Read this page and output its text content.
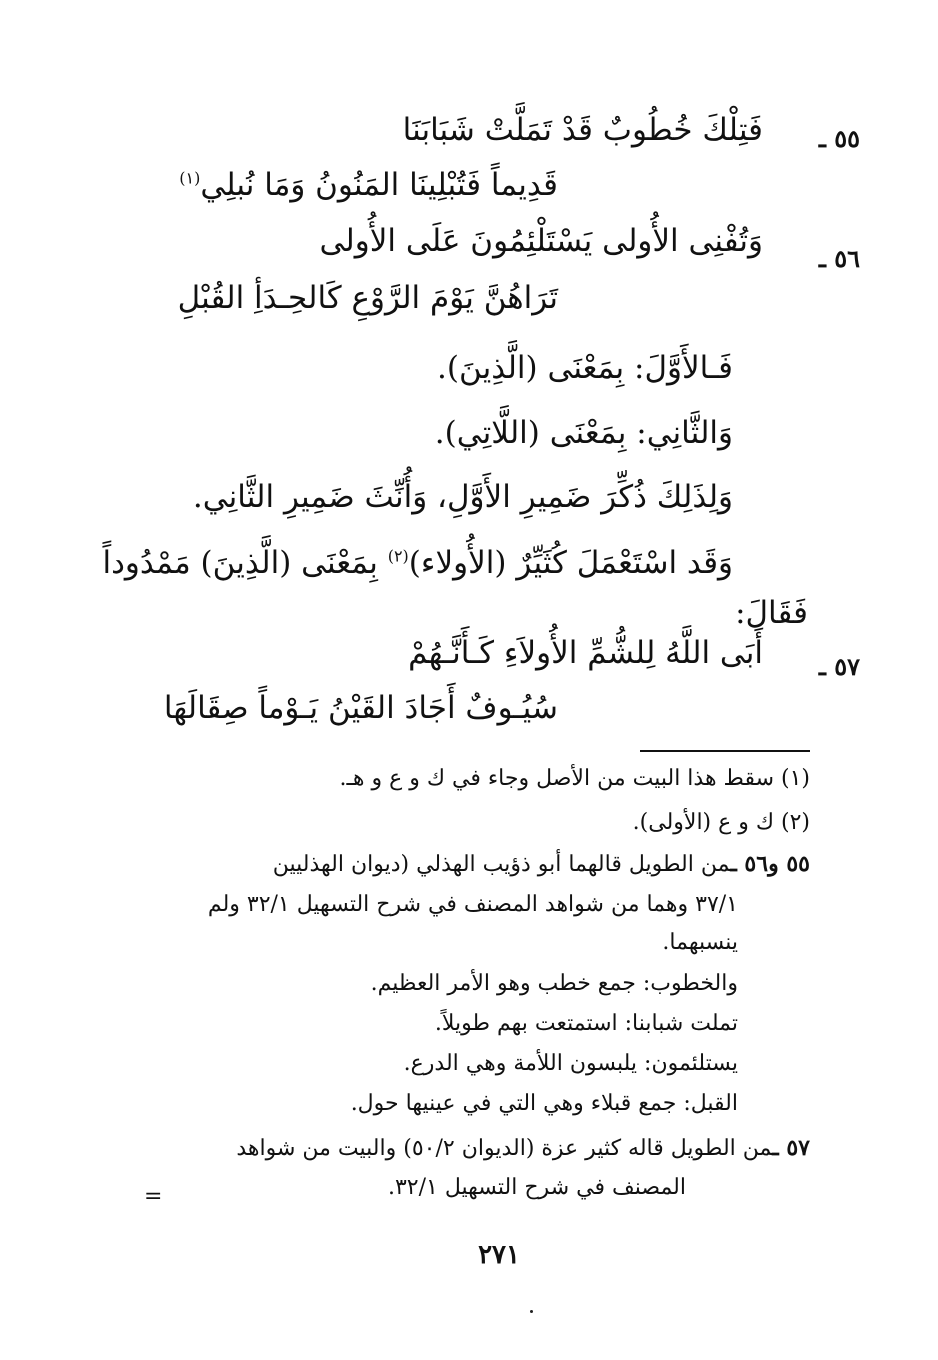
٥٥ ـ
فَتِلْكَ خُطُوبٌ قَدْ تَمَلَّتْ شَبَابَنَا
قَدِيماً فَتُبْلِينَا المَنُونُ وَمَا نُبلِي$^{(١)}$
٥٦ ـ
وَتُفْنِى الأُولى يَسْتَلْئِمُونَ عَلَى الأُولى
تَرَاهُنَّ يَوْمَ الرَّوْعِ كَالحِـدَأِ القُبْلِ
فَـالأَوَّلَ: بِمَعْنَى (الَّذِينَ).
وَالثَّانِي: بِمَعْنَى (اللَّاتِي).
وَلِذَلِكَ ذُكِّرَ ضَمِيرِ الأَوَّلِ، وَأُنِّثَ ضَمِيرِ الثَّانِي.
وَقَد اسْتَعْمَلَ كُثَيِّرٌ (الأُولاء)$^{(٢)}$ بِمَعْنَى (الَّذِينَ) مَمْدُوداً
فَقَالَ:
٥٧ ـ
أَبَى اللَّهُ لِلشُّمِّ الأُولاَءِ كَـأَنَّـهُمْ
سُيُـوفٌ أَجَادَ القَيْنُ يَـوْماً صِقَالَهَا
(١) سقط هذا البيت من الأصل وجاء في ك و ع و هـ.
(٢) ك و ع (الأولى).
٥٥ و٥٦ ـمن الطويل قالهما أبو ذؤيب الهذلي (ديوان الهذليين
٣٧/١ وهما من شواهد المصنف في شرح التسهيل ٣٢/١ ولم
ينسبهما.
والخطوب: جمع خطب وهو الأمر العظيم.
تملت شبابنا: استمتعت بهم طويلاً.
يستلئمون: يلبسون اللأمة وهي الدرع.
القبل: جمع قبلاء وهي التي في عينيها حول.
٥٧ ـمن الطويل قاله كثير عزة (الديوان ٥٠/٢) والبيت من شواهد
المصنف في شرح التسهيل ٣٢/١.
=
٢٧١
